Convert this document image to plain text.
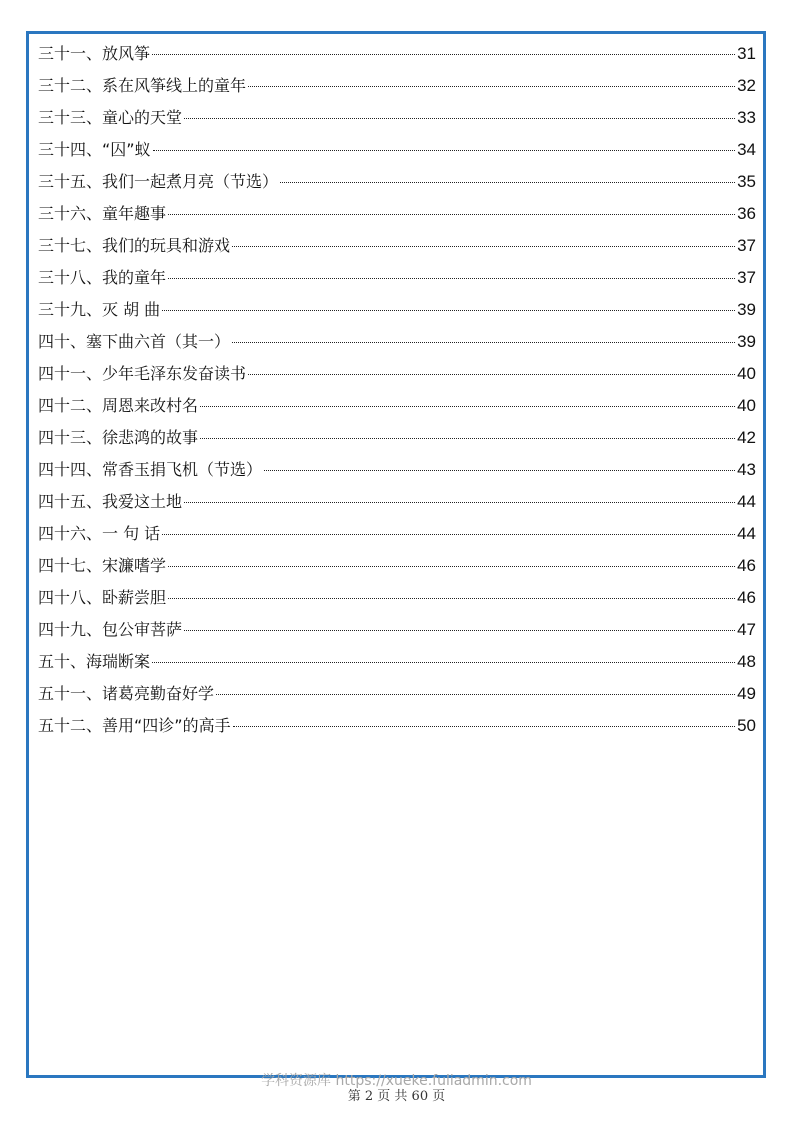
三十一、放风筝	31
三十二、系在风筝线上的童年	32
三十三、童心的天堂	33
三十四、“囚”蚁	34
三十五、我们一起煮月亮（节选）	35
三十六、童年趣事	36
三十七、我们的玩具和游戏	37
三十八、我的童年	37
三十九、灭 胡 曲	39
四十、塞下曲六首（其一）	39
四十一、少年毛泽东发奋读书	40
四十二、周恩来改村名	40
四十三、徐悲鸿的故事	42
四十四、常香玉捐飞机（节选）	43
四十五、我爱这土地	44
四十六、一 句 话	44
四十七、宋濂嗜学	46
四十八、卧薪尝胆	46
四十九、包公审菩萨	47
五十、海瑞断案	48
五十一、诸葛亮勤奋好学	49
五十二、善用“四诊”的高手	50
学科资源库 https://xueke.fuliadmin.com
第 2 页 共 60 页
